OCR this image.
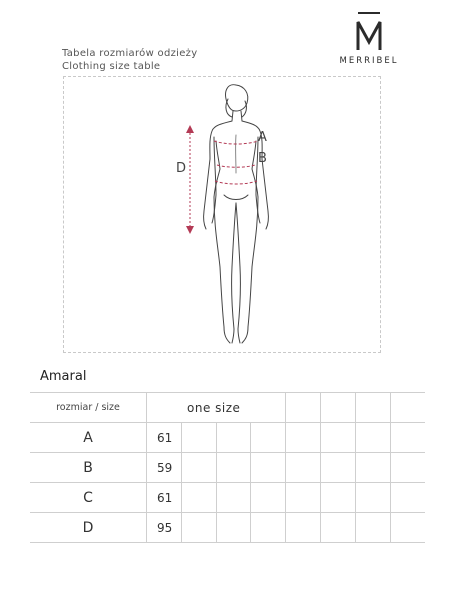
MERRIBEL
Tabela rozmiarów odzieży
Clothing size table
A
B
D
Amaral
rozmiar / size	one size							
A	61							
B	59							
C	61							
D	95							
